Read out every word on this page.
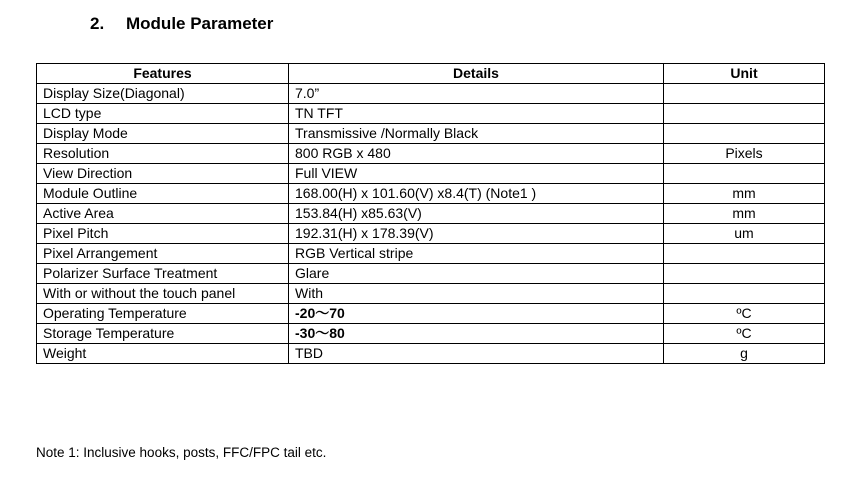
2. Module Parameter
Features	Details	Unit
Display Size(Diagonal)	7.0”	
LCD type	TN TFT	
Display Mode	Transmissive /Normally Black	
Resolution	800 RGB x 480	Pixels
View Direction	Full VIEW	
Module Outline	168.00(H) x 101.60(V) x8.4(T) (Note1 )	mm
Active Area	153.84(H) x85.63(V)	mm
Pixel Pitch	192.31(H) x 178.39(V)	um
Pixel Arrangement	RGB Vertical stripe	
Polarizer Surface Treatment	Glare	
With or without the touch panel	With	
Operating Temperature	-20～70	ºC
Storage Temperature	-30～80	ºC
Weight	TBD	g
Note 1: Inclusive hooks, posts, FFC/FPC tail etc.
